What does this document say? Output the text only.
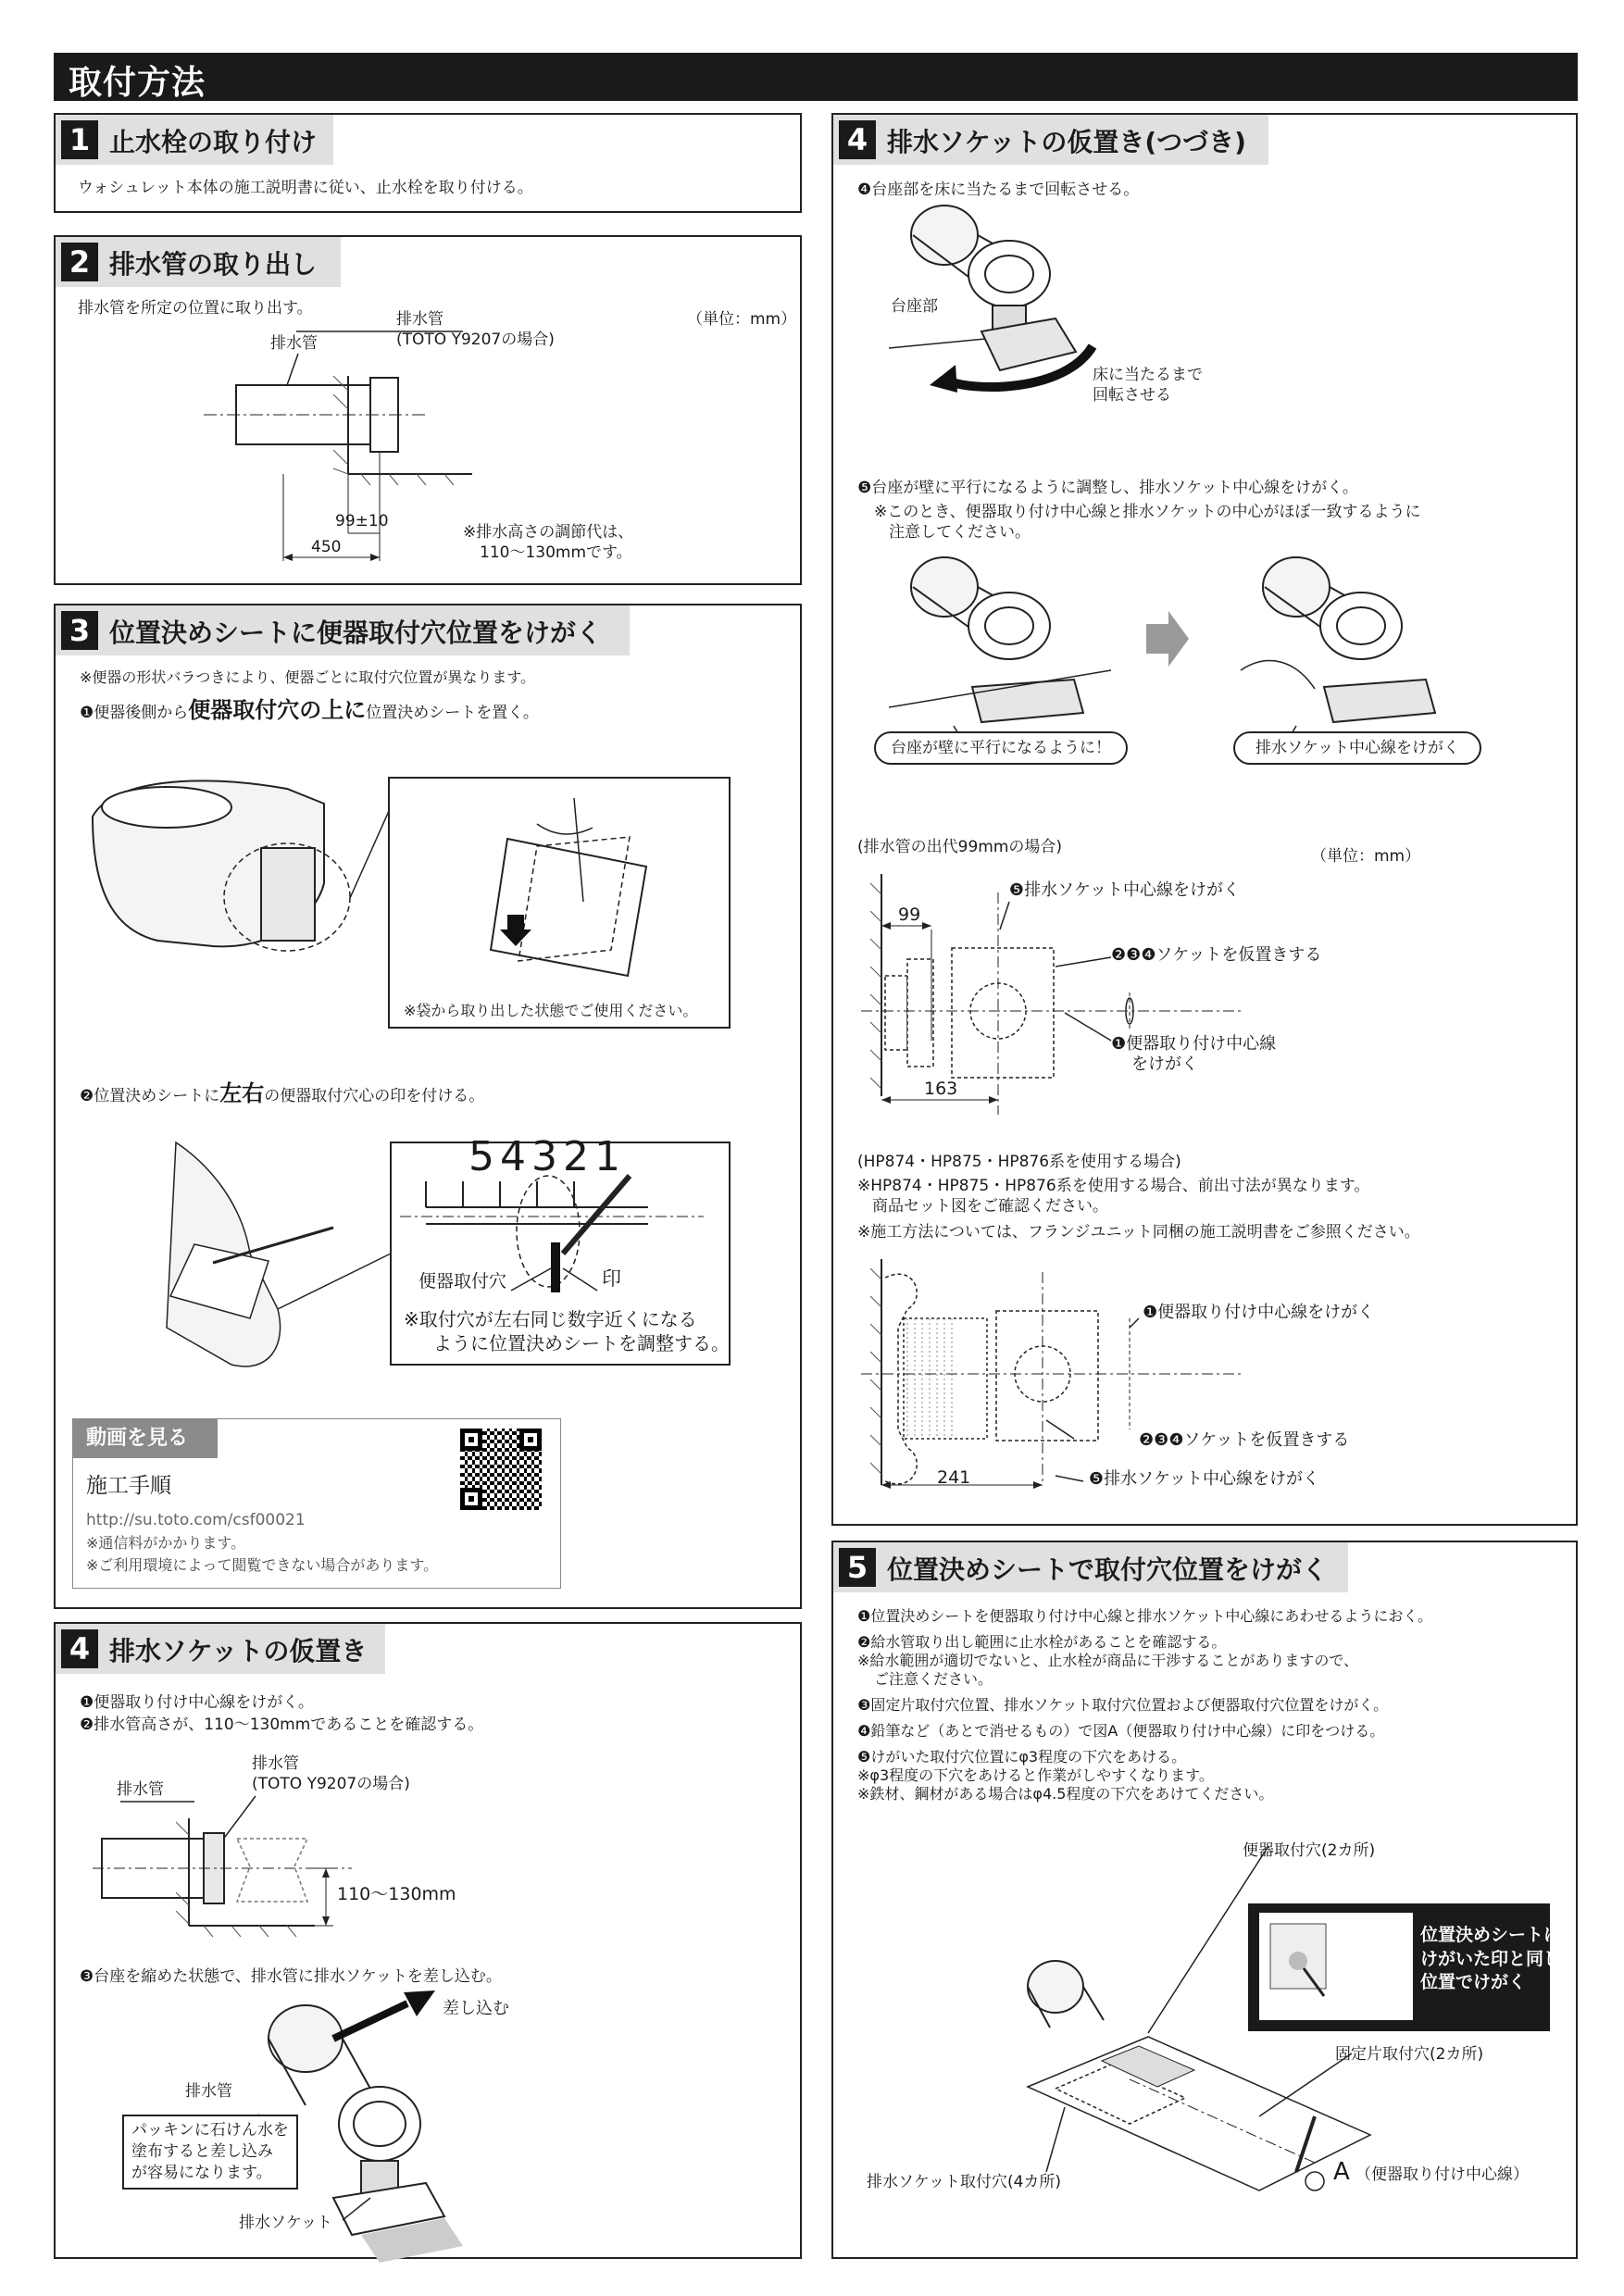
取付方法
1 止水栓の取り付け
ウォシュレット本体の施工説明書に従い、止水栓を取り付ける。
2 排水管の取り出し
排水管を所定の位置に取り出す。
（単位：mm）
排水管
排水管
(TOTO Y9207の場合)
99±10
450
※排水高さの調節代は、
110〜130mmです。
3 位置決めシートに便器取付穴位置をけがく
※便器の形状バラつきにより、便器ごとに取付穴位置が異なります。
❶便器後側から便器取付穴の上に位置決めシートを置く。
※袋から取り出した状態でご使用ください。
❷位置決めシートに左右の便器取付穴心の印を付ける。
54321
便器取付穴	印
※取付穴が左右同じ数字近くになる
ように位置決めシートを調整する。
動画を見る
施工手順
http://su.toto.com/csf00021
※通信料がかかります。
※ご利用環境によって閲覧できない場合があります。
4 排水ソケットの仮置き
❶便器取り付け中心線をけがく。
❷排水管高さが、110〜130mmであることを確認する。
排水管
排水管
(TOTO Y9207の場合)
110〜130mm
❸台座を縮めた状態で、排水管に排水ソケットを差し込む。
差し込む
排水管
パッキンに石けん水を
塗布すると差し込み
が容易になります。
排水ソケット
4 排水ソケットの仮置き(つづき)
❹台座部を床に当たるまで回転させる。
台座部
床に当たるまで
回転させる
❺台座が壁に平行になるように調整し、排水ソケット中心線をけがく。
※このとき、便器取り付け中心線と排水ソケットの中心がほぼ一致するように
注意してください。
台座が壁に平行になるように！	排水ソケット中心線をけがく
(排水管の出代99mmの場合)	（単位：mm）
99
163
❺排水ソケット中心線をけがく
❷❸❹ソケットを仮置きする
❶便器取り付け中心線
をけがく
(HP874・HP875・HP876系を使用する場合)
※HP874・HP875・HP876系を使用する場合、前出寸法が異なります。
商品セット図をご確認ください。
※施工方法については、フランジユニット同梱の施工説明書をご参照ください。
❶便器取り付け中心線をけがく
❷❸❹ソケットを仮置きする
❺排水ソケット中心線をけがく
241
5 位置決めシートで取付穴位置をけがく
❶位置決めシートを便器取り付け中心線と排水ソケット中心線にあわせるようにおく。
❷給水管取り出し範囲に止水栓があることを確認する。
※給水範囲が適切でないと、止水栓が商品に干渉することがありますので、
ご注意ください。
❸固定片取付穴位置、排水ソケット取付穴位置および便器取付穴位置をけがく。
❹鉛筆など（あとで消せるもの）で図A（便器取り付け中心線）に印をつける。
❺けがいた取付穴位置にφ3程度の下穴をあける。
※φ3程度の下穴をあけると作業がしやすくなります。
※鉄材、鋼材がある場合はφ4.5程度の下穴をあけてください。
便器取付穴(2カ所)
位置決めシートに
けがいた印と同じ
位置でけがく
固定片取付穴(2カ所)
排水ソケット取付穴(4カ所)	A （便器取り付け中心線）
